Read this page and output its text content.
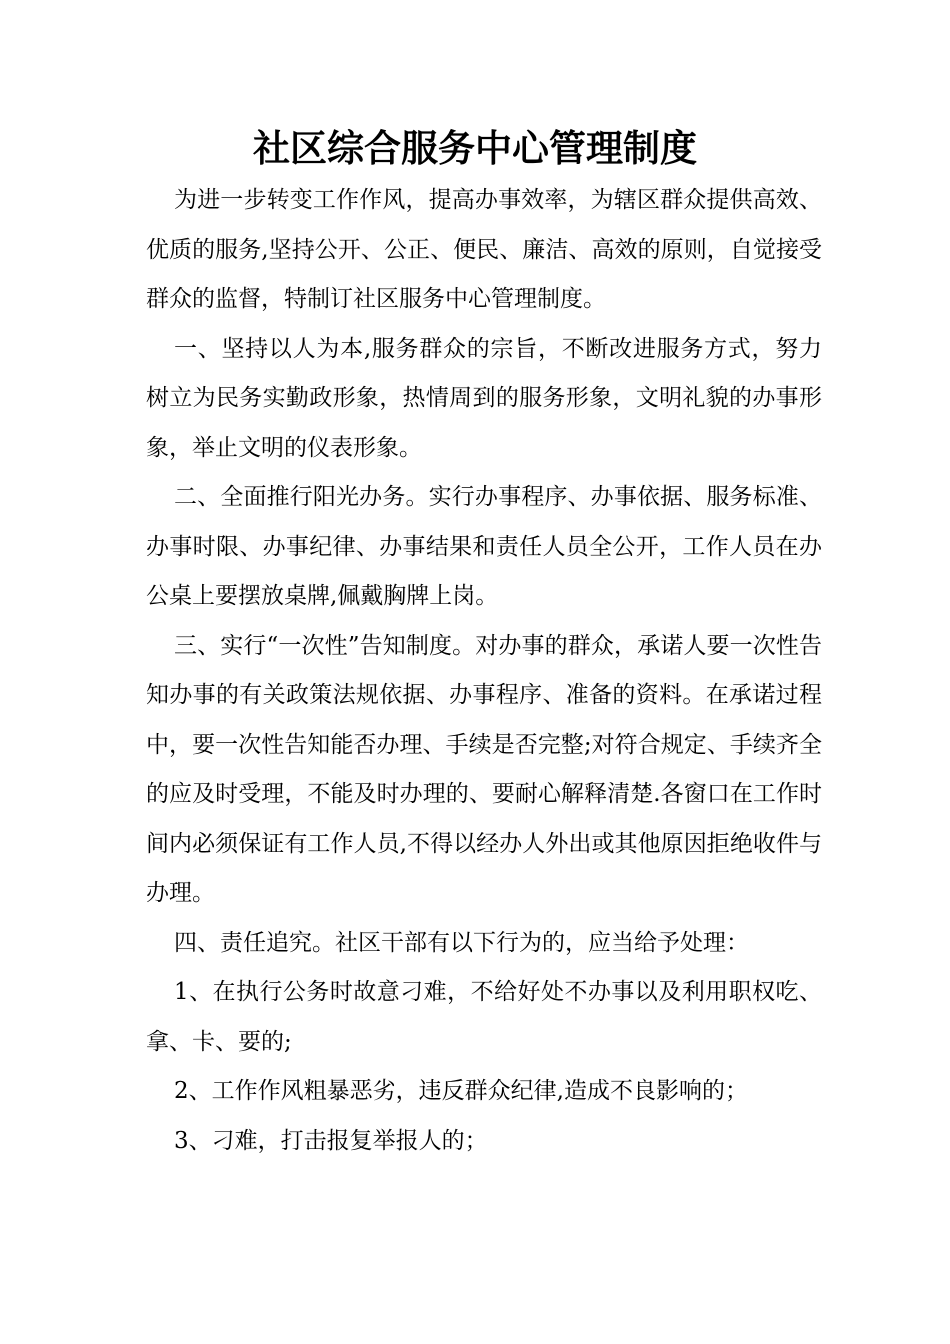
社区综合服务中心管理制度

为进一步转变工作作风，提高办事效率，为辖区群众提供高效、优质的服务,坚持公开、公正、便民、廉洁、高效的原则，自觉接受群众的监督，特制订社区服务中心管理制度。

一、坚持以人为本,服务群众的宗旨，不断改进服务方式，努力树立为民务实勤政形象，热情周到的服务形象，文明礼貌的办事形象，举止文明的仪表形象。

二、全面推行阳光办务。实行办事程序、办事依据、服务标准、办事时限、办事纪律、办事结果和责任人员全公开，工作人员在办公桌上要摆放桌牌,佩戴胸牌上岗。

三、实行“一次性”告知制度。对办事的群众，承诺人要一次性告知办事的有关政策法规依据、办事程序、准备的资料。在承诺过程中，要一次性告知能否办理、手续是否完整;对符合规定、手续齐全的应及时受理，不能及时办理的、要耐心解释清楚.各窗口在工作时间内必须保证有工作人员,不得以经办人外出或其他原因拒绝收件与办理。

四、责任追究。社区干部有以下行为的，应当给予处理：

1、在执行公务时故意刁难，不给好处不办事以及利用职权吃、拿、卡、要的;

2、工作作风粗暴恶劣，违反群众纪律,造成不良影响的；

3、刁难，打击报复举报人的；
